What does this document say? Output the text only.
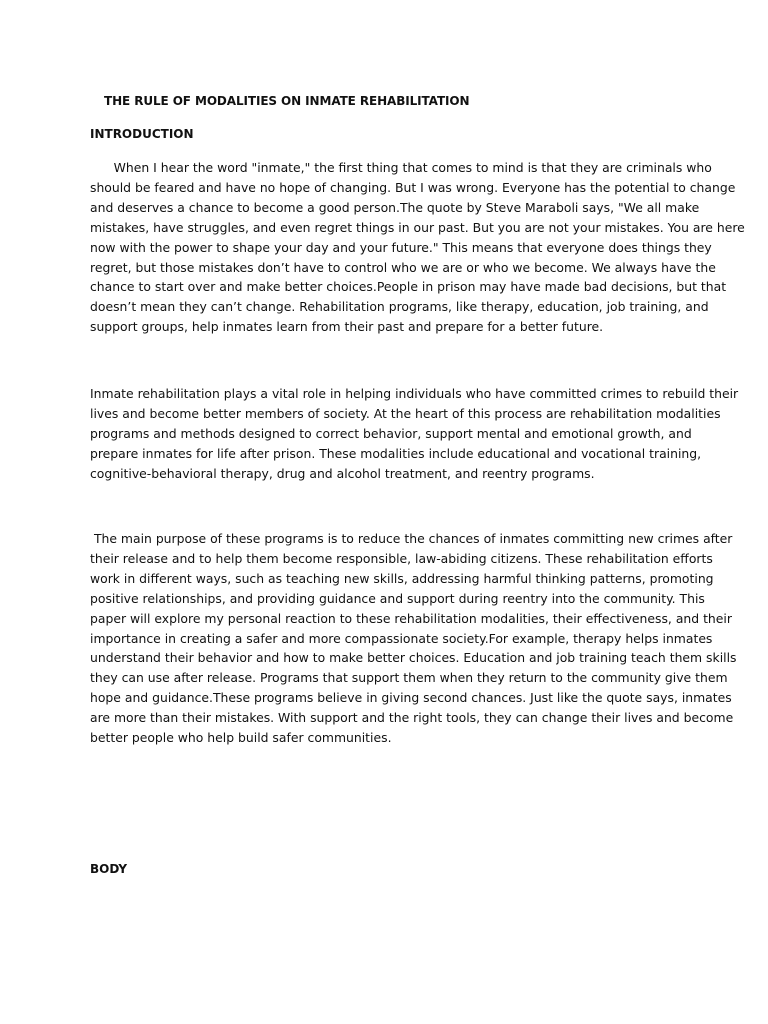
THE RULE OF MODALITIES ON INMATE REHABILITATION
INTRODUCTION

When I hear the word "inmate," the first thing that comes to mind is that they are criminals who
should be feared and have no hope of changing. But I was wrong. Everyone has the potential to change
and deserves a chance to become a good person.The quote by Steve Maraboli says, "We all make
mistakes, have struggles, and even regret things in our past. But you are not your mistakes. You are here
now with the power to shape your day and your future." This means that everyone does things they
regret, but those mistakes don’t have to control who we are or who we become. We always have the
chance to start over and make better choices.People in prison may have made bad decisions, but that
doesn’t mean they can’t change. Rehabilitation programs, like therapy, education, job training, and
support groups, help inmates learn from their past and prepare for a better future.

Inmate rehabilitation plays a vital role in helping individuals who have committed crimes to rebuild their
lives and become better members of society. At the heart of this process are rehabilitation modalities
programs and methods designed to correct behavior, support mental and emotional growth, and
prepare inmates for life after prison. These modalities include educational and vocational training,
cognitive-behavioral therapy, drug and alcohol treatment, and reentry programs.

The main purpose of these programs is to reduce the chances of inmates committing new crimes after
their release and to help them become responsible, law-abiding citizens. These rehabilitation efforts
work in different ways, such as teaching new skills, addressing harmful thinking patterns, promoting
positive relationships, and providing guidance and support during reentry into the community. This
paper will explore my personal reaction to these rehabilitation modalities, their effectiveness, and their
importance in creating a safer and more compassionate society.For example, therapy helps inmates
understand their behavior and how to make better choices. Education and job training teach them skills
they can use after release. Programs that support them when they return to the community give them
hope and guidance.These programs believe in giving second chances. Just like the quote says, inmates
are more than their mistakes. With support and the right tools, they can change their lives and become
better people who help build safer communities.

BODY
